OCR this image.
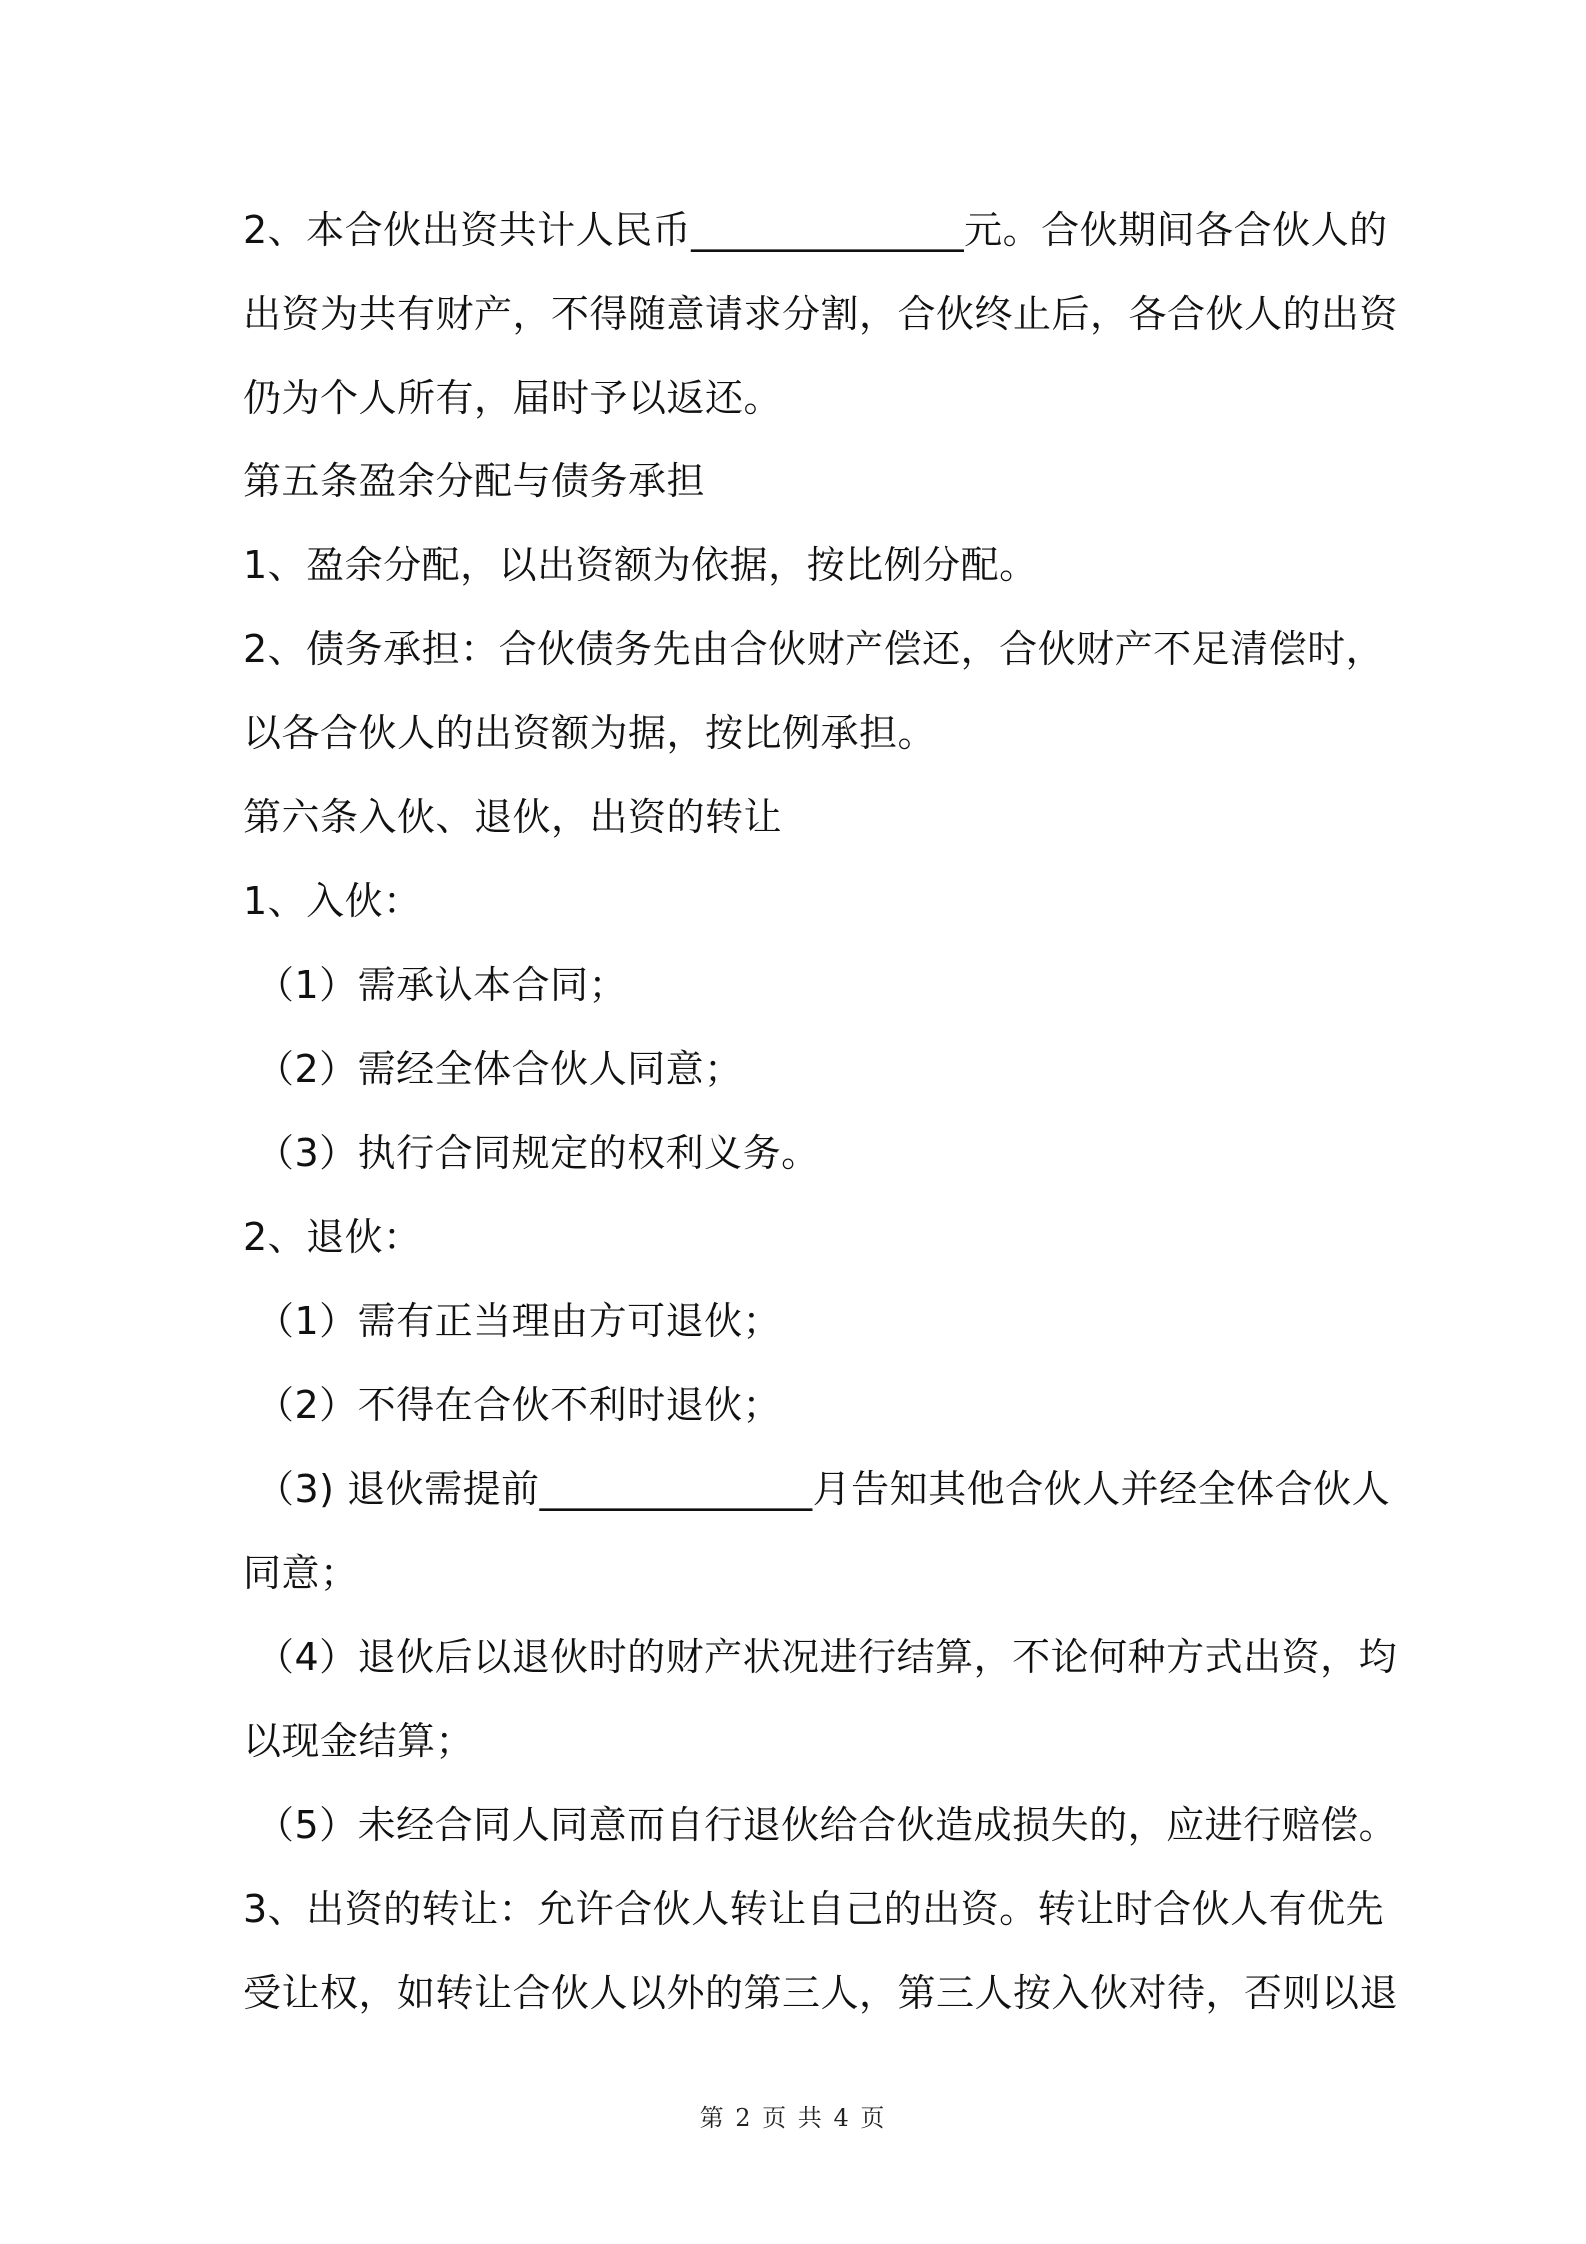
2、本合伙出资共计人民币______________元。合伙期间各合伙人的
出资为共有财产，不得随意请求分割，合伙终止后，各合伙人的出资
仍为个人所有，届时予以返还。
第五条盈余分配与债务承担
1、盈余分配，以出资额为依据，按比例分配。
2、债务承担：合伙债务先由合伙财产偿还，合伙财产不足清偿时，
以各合伙人的出资额为据，按比例承担。
第六条入伙、退伙，出资的转让
1、入伙：
（1）需承认本合同；
（2）需经全体合伙人同意；
（3）执行合同规定的权利义务。
2、退伙：
（1）需有正当理由方可退伙；
（2）不得在合伙不利时退伙；
（3) 退伙需提前______________月告知其他合伙人并经全体合伙人
同意；
（4）退伙后以退伙时的财产状况进行结算，不论何种方式出资，均
以现金结算；
（5）未经合同人同意而自行退伙给合伙造成损失的，应进行赔偿。
3、出资的转让：允许合伙人转让自己的出资。转让时合伙人有优先
受让权，如转让合伙人以外的第三人，第三人按入伙对待，否则以退
第 2 页 共 4 页
